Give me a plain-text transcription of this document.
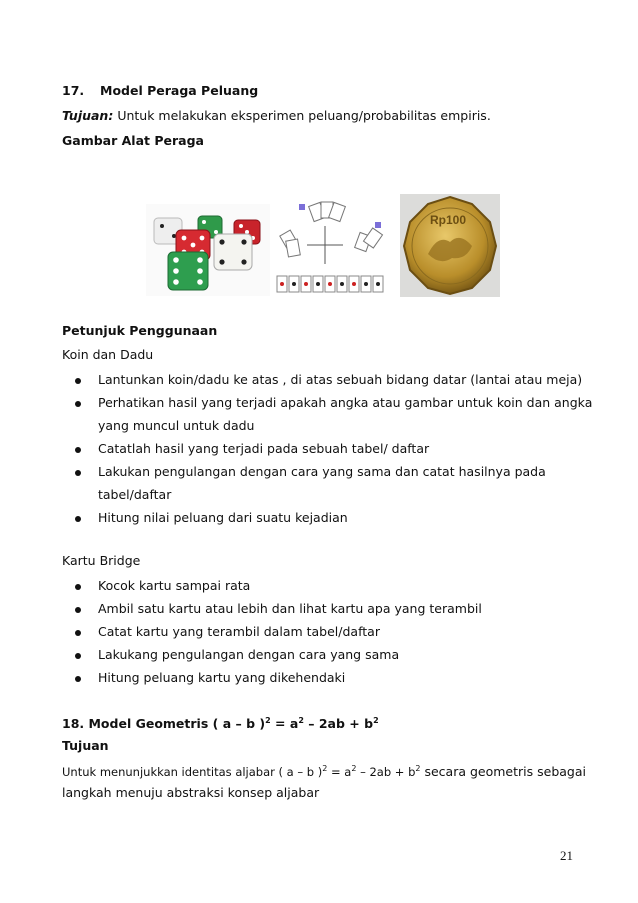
17. Model Peraga Peluang
Tujuan: Untuk melakukan eksperimen peluang/probabilitas empiris.
Gambar Alat Peraga
Rp100
Petunjuk Penggunaan
Koin dan Dadu
Lantunkan koin/dadu ke atas , di atas sebuah bidang datar (lantai atau meja)
Perhatikan hasil yang terjadi apakah angka atau gambar untuk koin dan angka
yang muncul untuk dadu
Catatlah hasil yang terjadi pada sebuah tabel/ daftar
Lakukan pengulangan dengan cara yang sama dan catat hasilnya pada
tabel/daftar
Hitung nilai peluang dari suatu kejadian
Kartu Bridge
Kocok kartu sampai rata
Ambil satu kartu atau lebih dan lihat kartu apa yang terambil
Catat kartu yang terambil dalam tabel/daftar
Lakukang pengulangan dengan cara yang sama
Hitung peluang kartu yang dikehendaki
18. Model Geometris ( a – b )$^2 = a^2 - 2ab + b^2$
Tujuan
Untuk menunjukkan identitas aljabar ( a – b )$^2 = a^2 - 2ab + b^2$ secara geometris sebagai
langkah menuju abstraksi konsep aljabar
21
